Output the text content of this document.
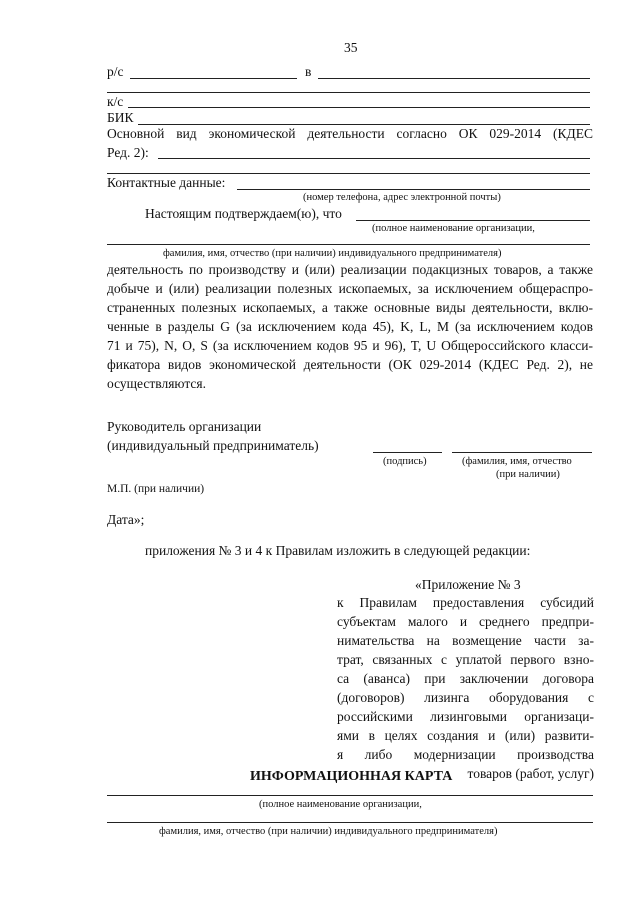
35
р/с	в
к/с
БИК
Основной вид экономической деятельности согласно ОК 029-2014 (КДЕС
Ред. 2):
Контактные данные:
(номер телефона, адрес электронной почты)
Настоящим подтверждаем(ю), что
(полное наименование организации,
фамилия, имя, отчество (при наличии) индивидуального предпринимателя)
деятельность по производству и (или) реализации подакцизных товаров, а также
добыче и (или) реализации полезных ископаемых, за исключением общераспро-
страненных полезных ископаемых, а также основные виды деятельности, вклю-
ченные в разделы G (за исключением кода 45), K, L, M (за исключением кодов
71 и 75), N, O, S (за исключением кодов 95 и 96), T, U Общероссийского класси-
фикатора видов экономической деятельности (ОК 029-2014 (КДЕС Ред. 2), не
осуществляются.
Руководитель организации
(индивидуальный предприниматель)
(подпись)	(фамилия, имя, отчество
(при наличии)
М.П. (при наличии)
Дата»;
приложения № 3 и 4 к Правилам изложить в следующей редакции:
«Приложение № 3
к Правилам предоставления субсидий
субъектам малого и среднего предпри-
нимательства на возмещение части за-
трат, связанных с уплатой первого взно-
са (аванса) при заключении договора
(договоров) лизинга оборудования с
российскими лизинговыми организаци-
ями в целях создания и (или) развити-
я либо модернизации производства
товаров (работ, услуг)
ИНФОРМАЦИОННАЯ КАРТА
(полное наименование организации,
фамилия, имя, отчество (при наличии) индивидуального предпринимателя)
